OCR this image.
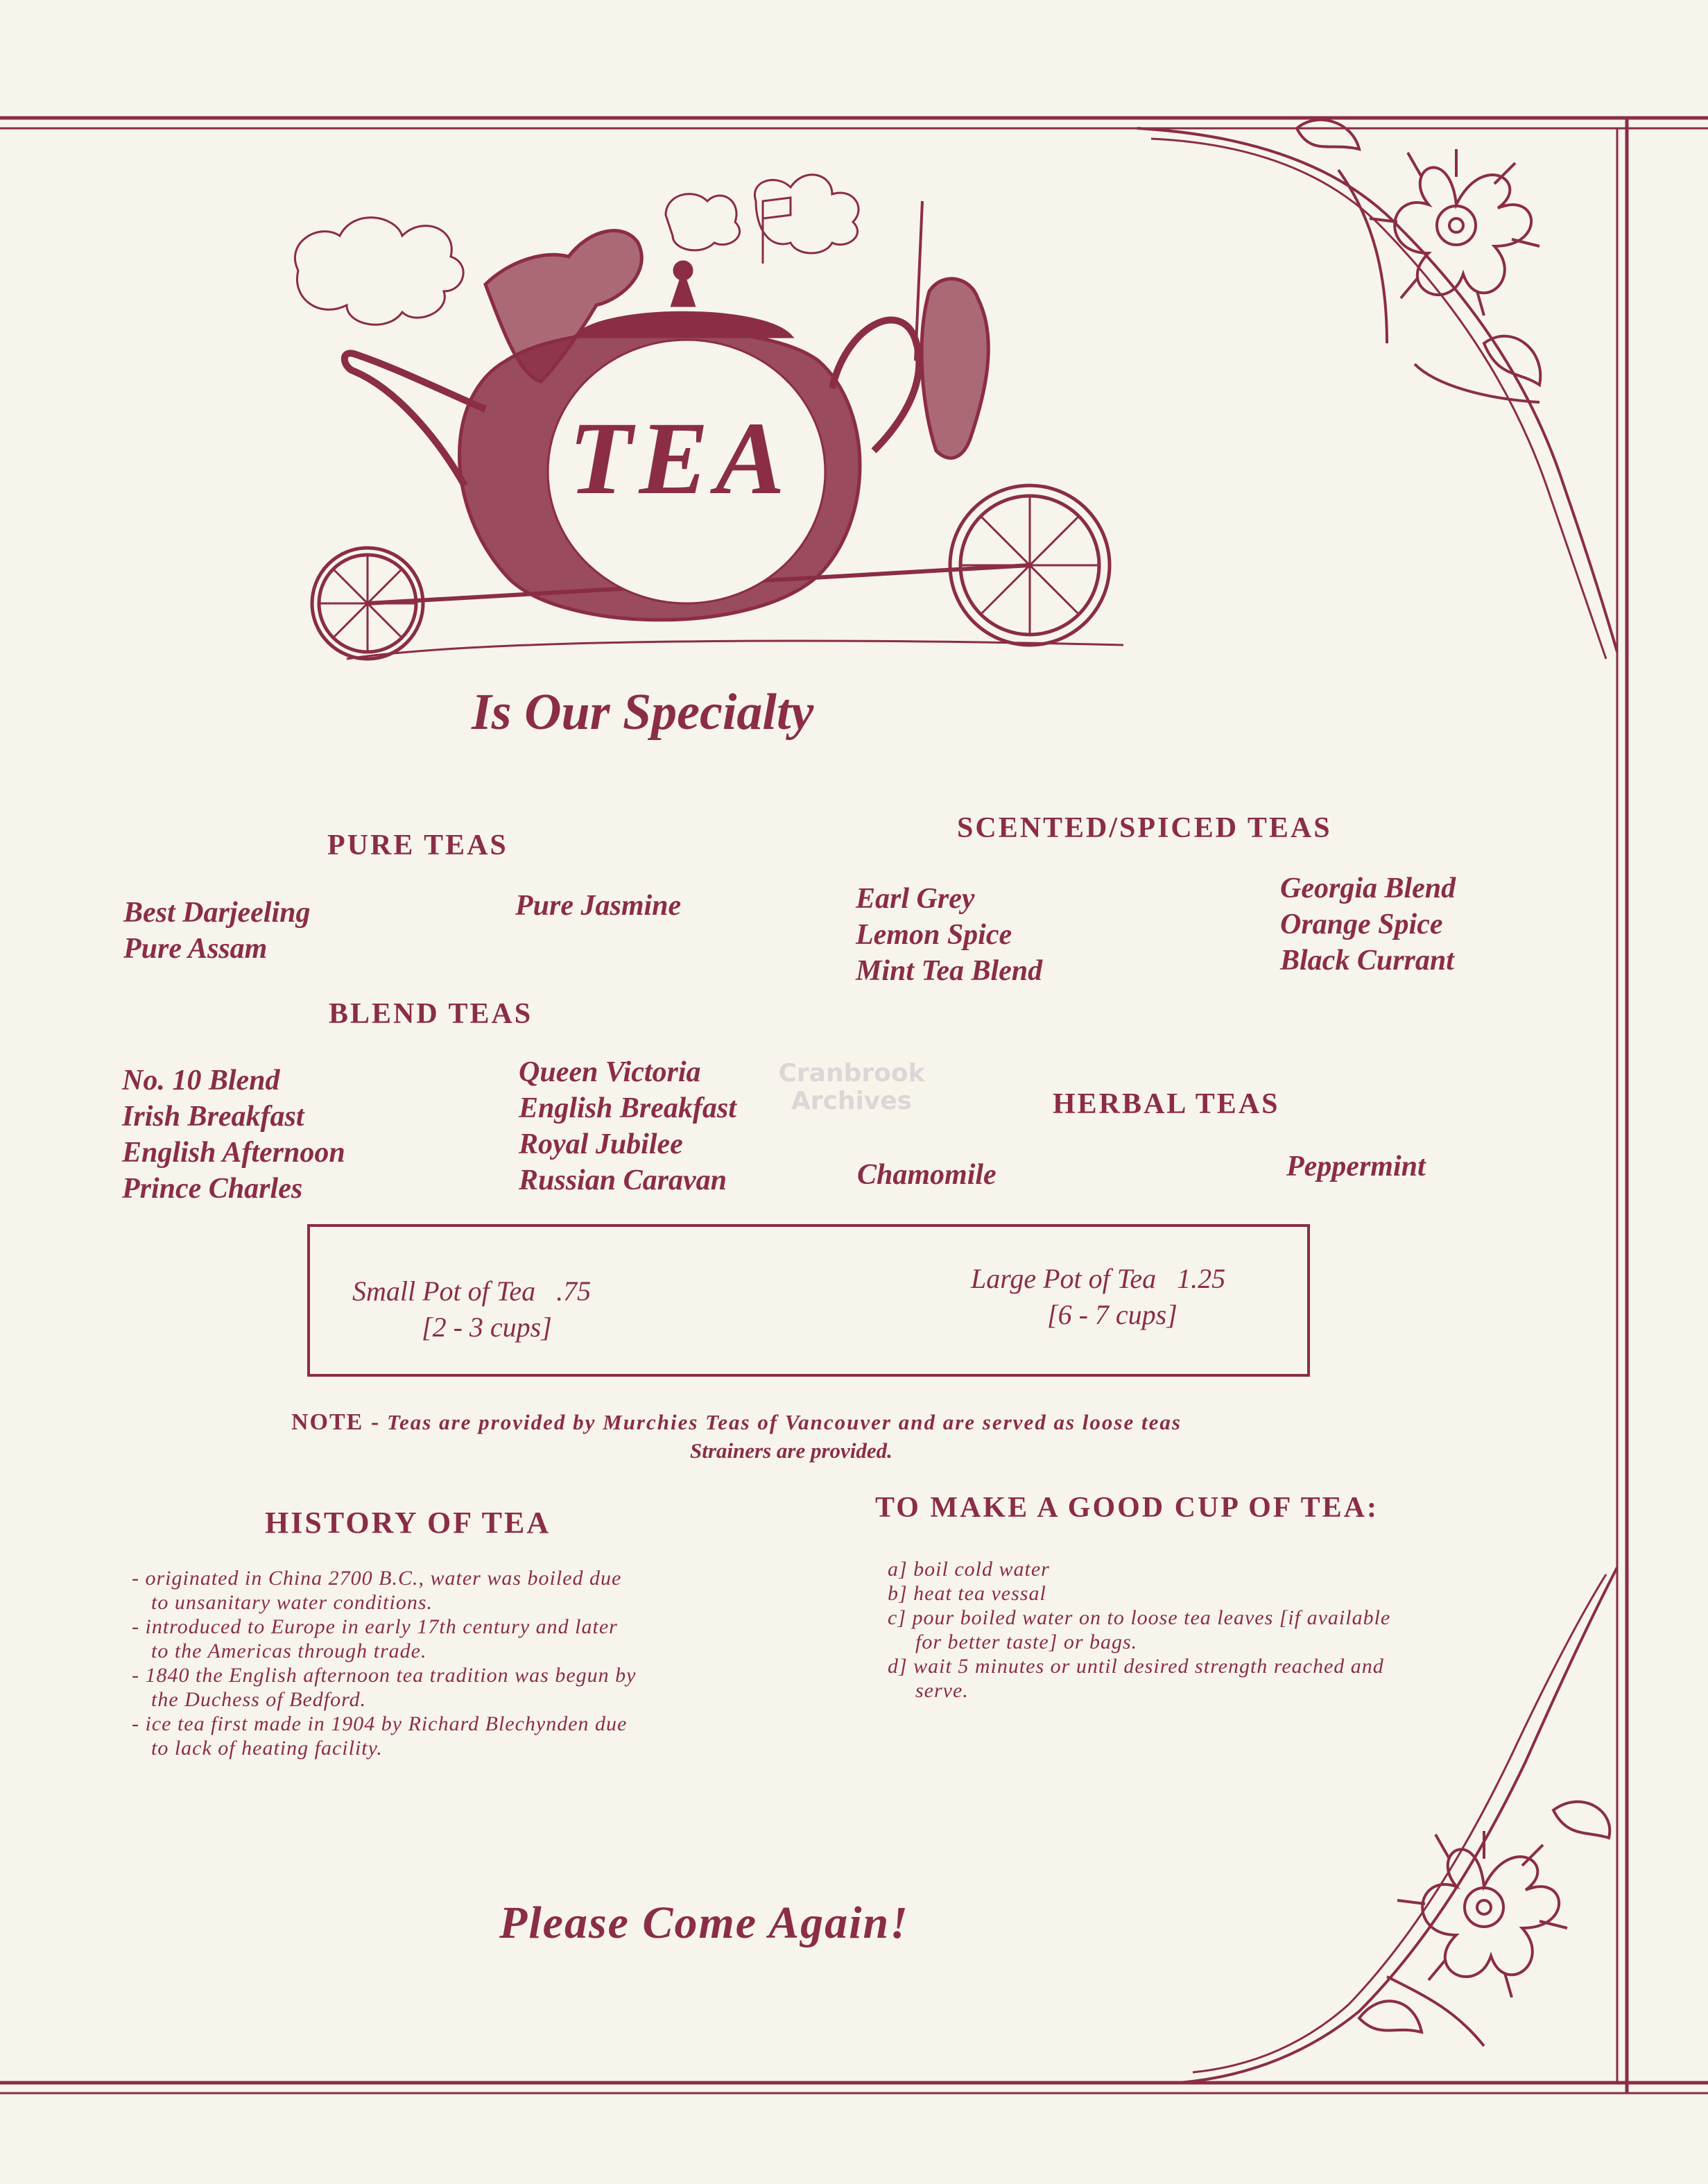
TEA
Is Our Specialty
Cranbrook
Archives
PURE TEAS
Best Darjeeling
Pure Assam
Pure Jasmine
SCENTED/SPICED TEAS
Earl Grey
Lemon Spice
Mint Tea Blend
Georgia Blend
Orange Spice
Black Currant
BLEND TEAS
No. 10 Blend
Irish Breakfast
English Afternoon
Prince Charles
Queen Victoria
English Breakfast
Royal Jubilee
Russian Caravan
HERBAL TEAS
Chamomile	Peppermint
Small Pot of Tea .75
[2 - 3 cups]
Large Pot of Tea 1.25
[6 - 7 cups]
NOTE - Teas are provided by Murchies Teas of Vancouver and are served as loose teas
Strainers are provided.
HISTORY OF TEA
- originated in China 2700 B.C., water was boiled due
to unsanitary water conditions.
- introduced to Europe in early 17th century and later
to the Americas through trade.
- 1840 the English afternoon tea tradition was begun by
the Duchess of Bedford.
- ice tea first made in 1904 by Richard Blechynden due
to lack of heating facility.
TO MAKE A GOOD CUP OF TEA:
a] boil cold water
b] heat tea vessal
c] pour boiled water on to loose tea leaves [if available
for better taste] or bags.
d] wait 5 minutes or until desired strength reached and
serve.
Please Come Again!
